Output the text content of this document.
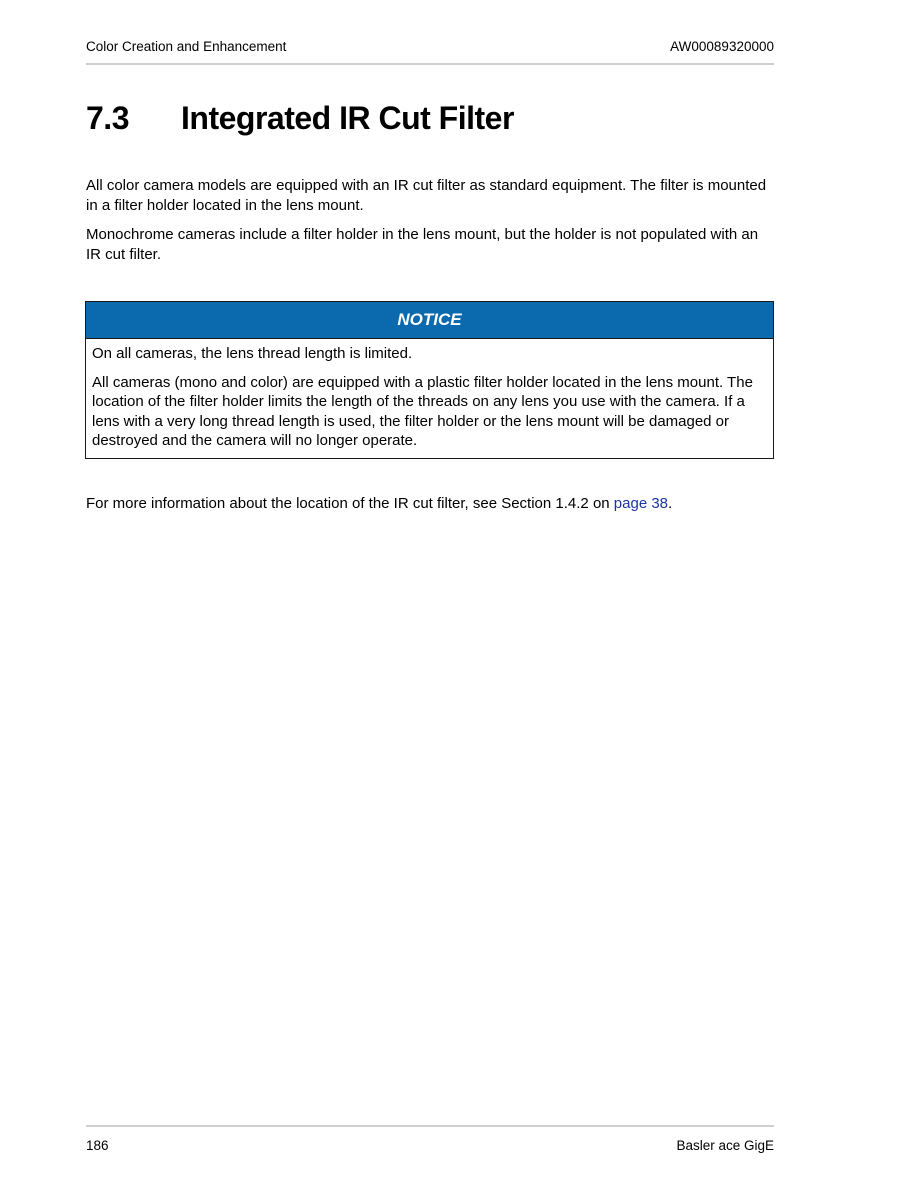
Color Creation and Enhancement	AW00089320000
7.3 Integrated IR Cut Filter

All color camera models are equipped with an IR cut filter as standard equipment. The filter is mounted in a filter holder located in the lens mount.

Monochrome cameras include a filter holder in the lens mount, but the holder is not populated with an IR cut filter.

NOTICE

On all cameras, the lens thread length is limited.

All cameras (mono and color) are equipped with a plastic filter holder located in the lens mount. The location of the filter holder limits the length of the threads on any lens you use with the camera. If a lens with a very long thread length is used, the filter holder or the lens mount will be damaged or destroyed and the camera will no longer operate.

For more information about the location of the IR cut filter, see Section 1.4.2 on page 38.

186	Basler ace GigE
